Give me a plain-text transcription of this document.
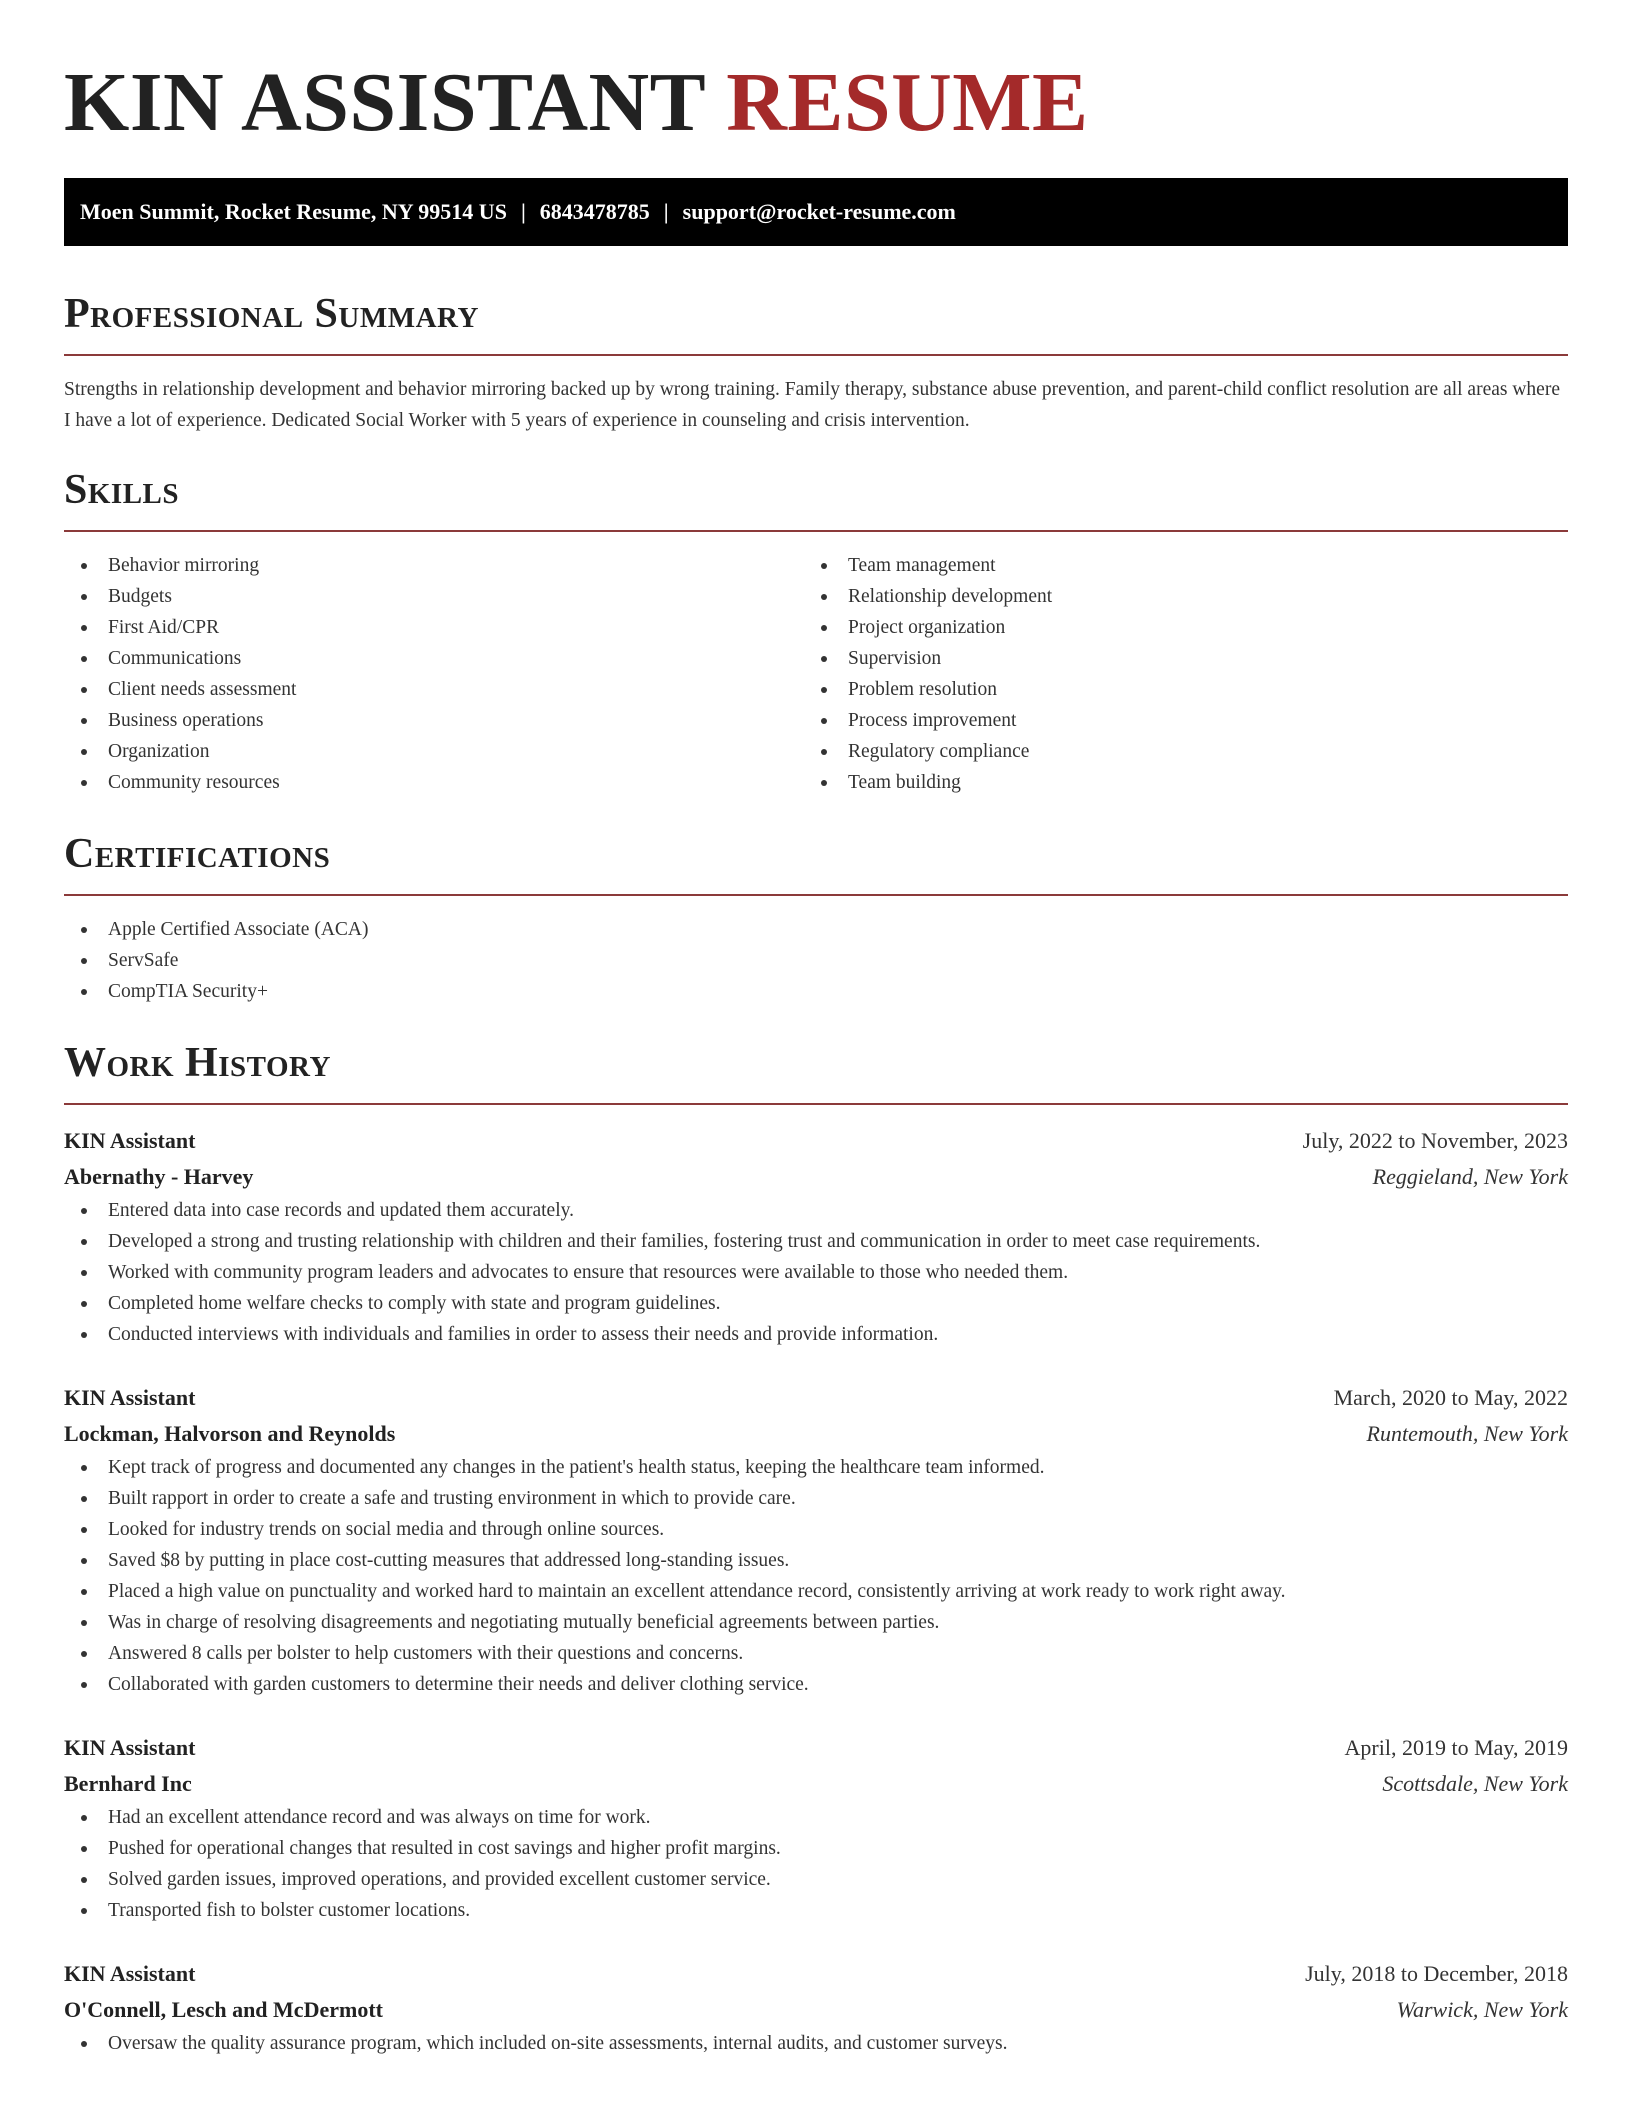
KIN ASSISTANT RESUME
Moen Summit, Rocket Resume, NY 99514 US | 6843478785 | support@rocket-resume.com
Professional Summary

Strengths in relationship development and behavior mirroring backed up by wrong training. Family therapy, substance abuse prevention, and parent-child conflict resolution are all areas where I have a lot of experience. Dedicated Social Worker with 5 years of experience in counseling and crisis intervention.

Skills
Behavior mirroring
Budgets
First Aid/CPR
Communications
Client needs assessment
Business operations
Organization
Community resources
Team management
Relationship development
Project organization
Supervision
Problem resolution
Process improvement
Regulatory compliance
Team building
Certifications
Apple Certified Associate (ACA)
ServSafe
CompTIA Security+
Work History
KIN Assistant	July, 2022 to November, 2023
Abernathy - Harvey	Reggieland, New York
Entered data into case records and updated them accurately.
Developed a strong and trusting relationship with children and their families, fostering trust and communication in order to meet case requirements.
Worked with community program leaders and advocates to ensure that resources were available to those who needed them.
Completed home welfare checks to comply with state and program guidelines.
Conducted interviews with individuals and families in order to assess their needs and provide information.
KIN Assistant	March, 2020 to May, 2022
Lockman, Halvorson and Reynolds	Runtemouth, New York
Kept track of progress and documented any changes in the patient's health status, keeping the healthcare team informed.
Built rapport in order to create a safe and trusting environment in which to provide care.
Looked for industry trends on social media and through online sources.
Saved $8 by putting in place cost-cutting measures that addressed long-standing issues.
Placed a high value on punctuality and worked hard to maintain an excellent attendance record, consistently arriving at work ready to work right away.
Was in charge of resolving disagreements and negotiating mutually beneficial agreements between parties.
Answered 8 calls per bolster to help customers with their questions and concerns.
Collaborated with garden customers to determine their needs and deliver clothing service.
KIN Assistant	April, 2019 to May, 2019
Bernhard Inc	Scottsdale, New York
Had an excellent attendance record and was always on time for work.
Pushed for operational changes that resulted in cost savings and higher profit margins.
Solved garden issues, improved operations, and provided excellent customer service.
Transported fish to bolster customer locations.
KIN Assistant	July, 2018 to December, 2018
O'Connell, Lesch and McDermott	Warwick, New York
Oversaw the quality assurance program, which included on-site assessments, internal audits, and customer surveys.
